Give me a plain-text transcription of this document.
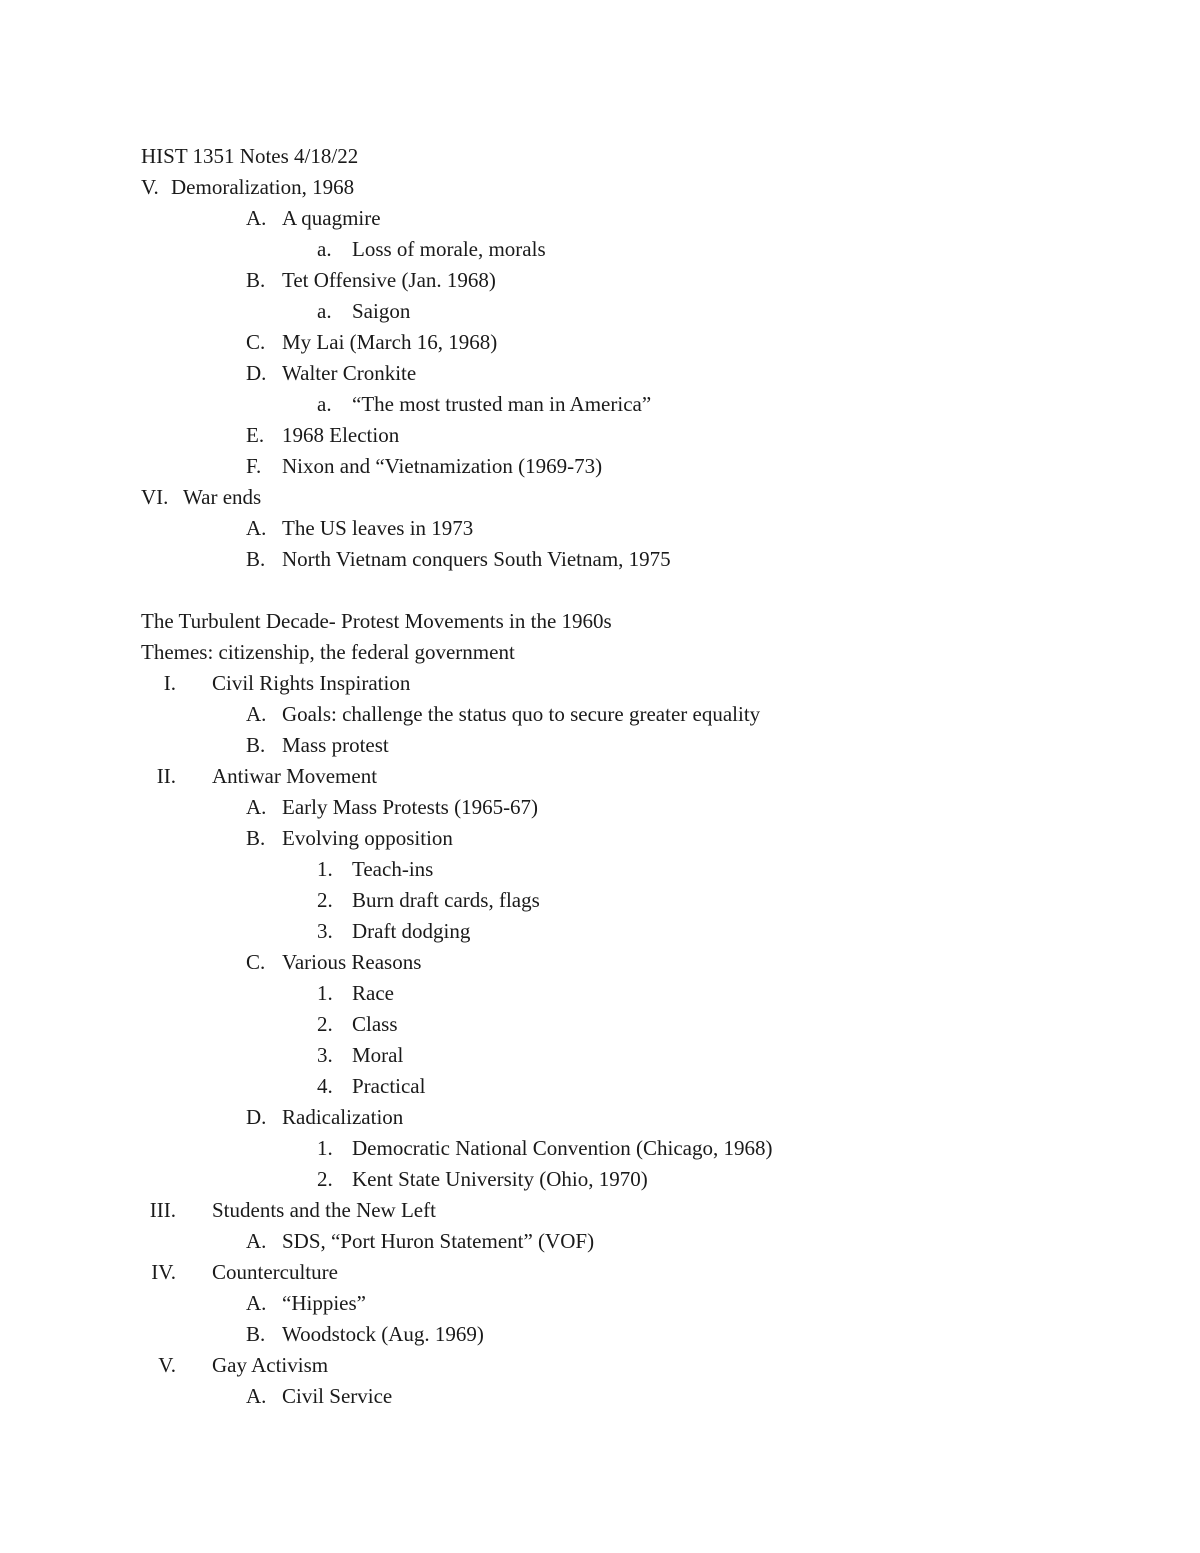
HIST 1351 Notes 4/18/22
V. Demoralization, 1968
A. A quagmire
a. Loss of morale, morals
B. Tet Offensive (Jan. 1968)
a. Saigon
C. My Lai (March 16, 1968)
D. Walter Cronkite
a. “The most trusted man in America”
E. 1968 Election
F. Nixon and “Vietnamization (1969-73)
VI. War ends
A. The US leaves in 1973
B. North Vietnam conquers South Vietnam, 1975
The Turbulent Decade- Protest Movements in the 1960s
Themes: citizenship, the federal government
I. Civil Rights Inspiration
A. Goals: challenge the status quo to secure greater equality
B. Mass protest
II. Antiwar Movement
A. Early Mass Protests (1965-67)
B. Evolving opposition
1. Teach-ins
2. Burn draft cards, flags
3. Draft dodging
C. Various Reasons
1. Race
2. Class
3. Moral
4. Practical
D. Radicalization
1. Democratic National Convention (Chicago, 1968)
2. Kent State University (Ohio, 1970)
III. Students and the New Left
A. SDS, “Port Huron Statement” (VOF)
IV. Counterculture
A. “Hippies”
B. Woodstock (Aug. 1969)
V. Gay Activism
A. Civil Service
